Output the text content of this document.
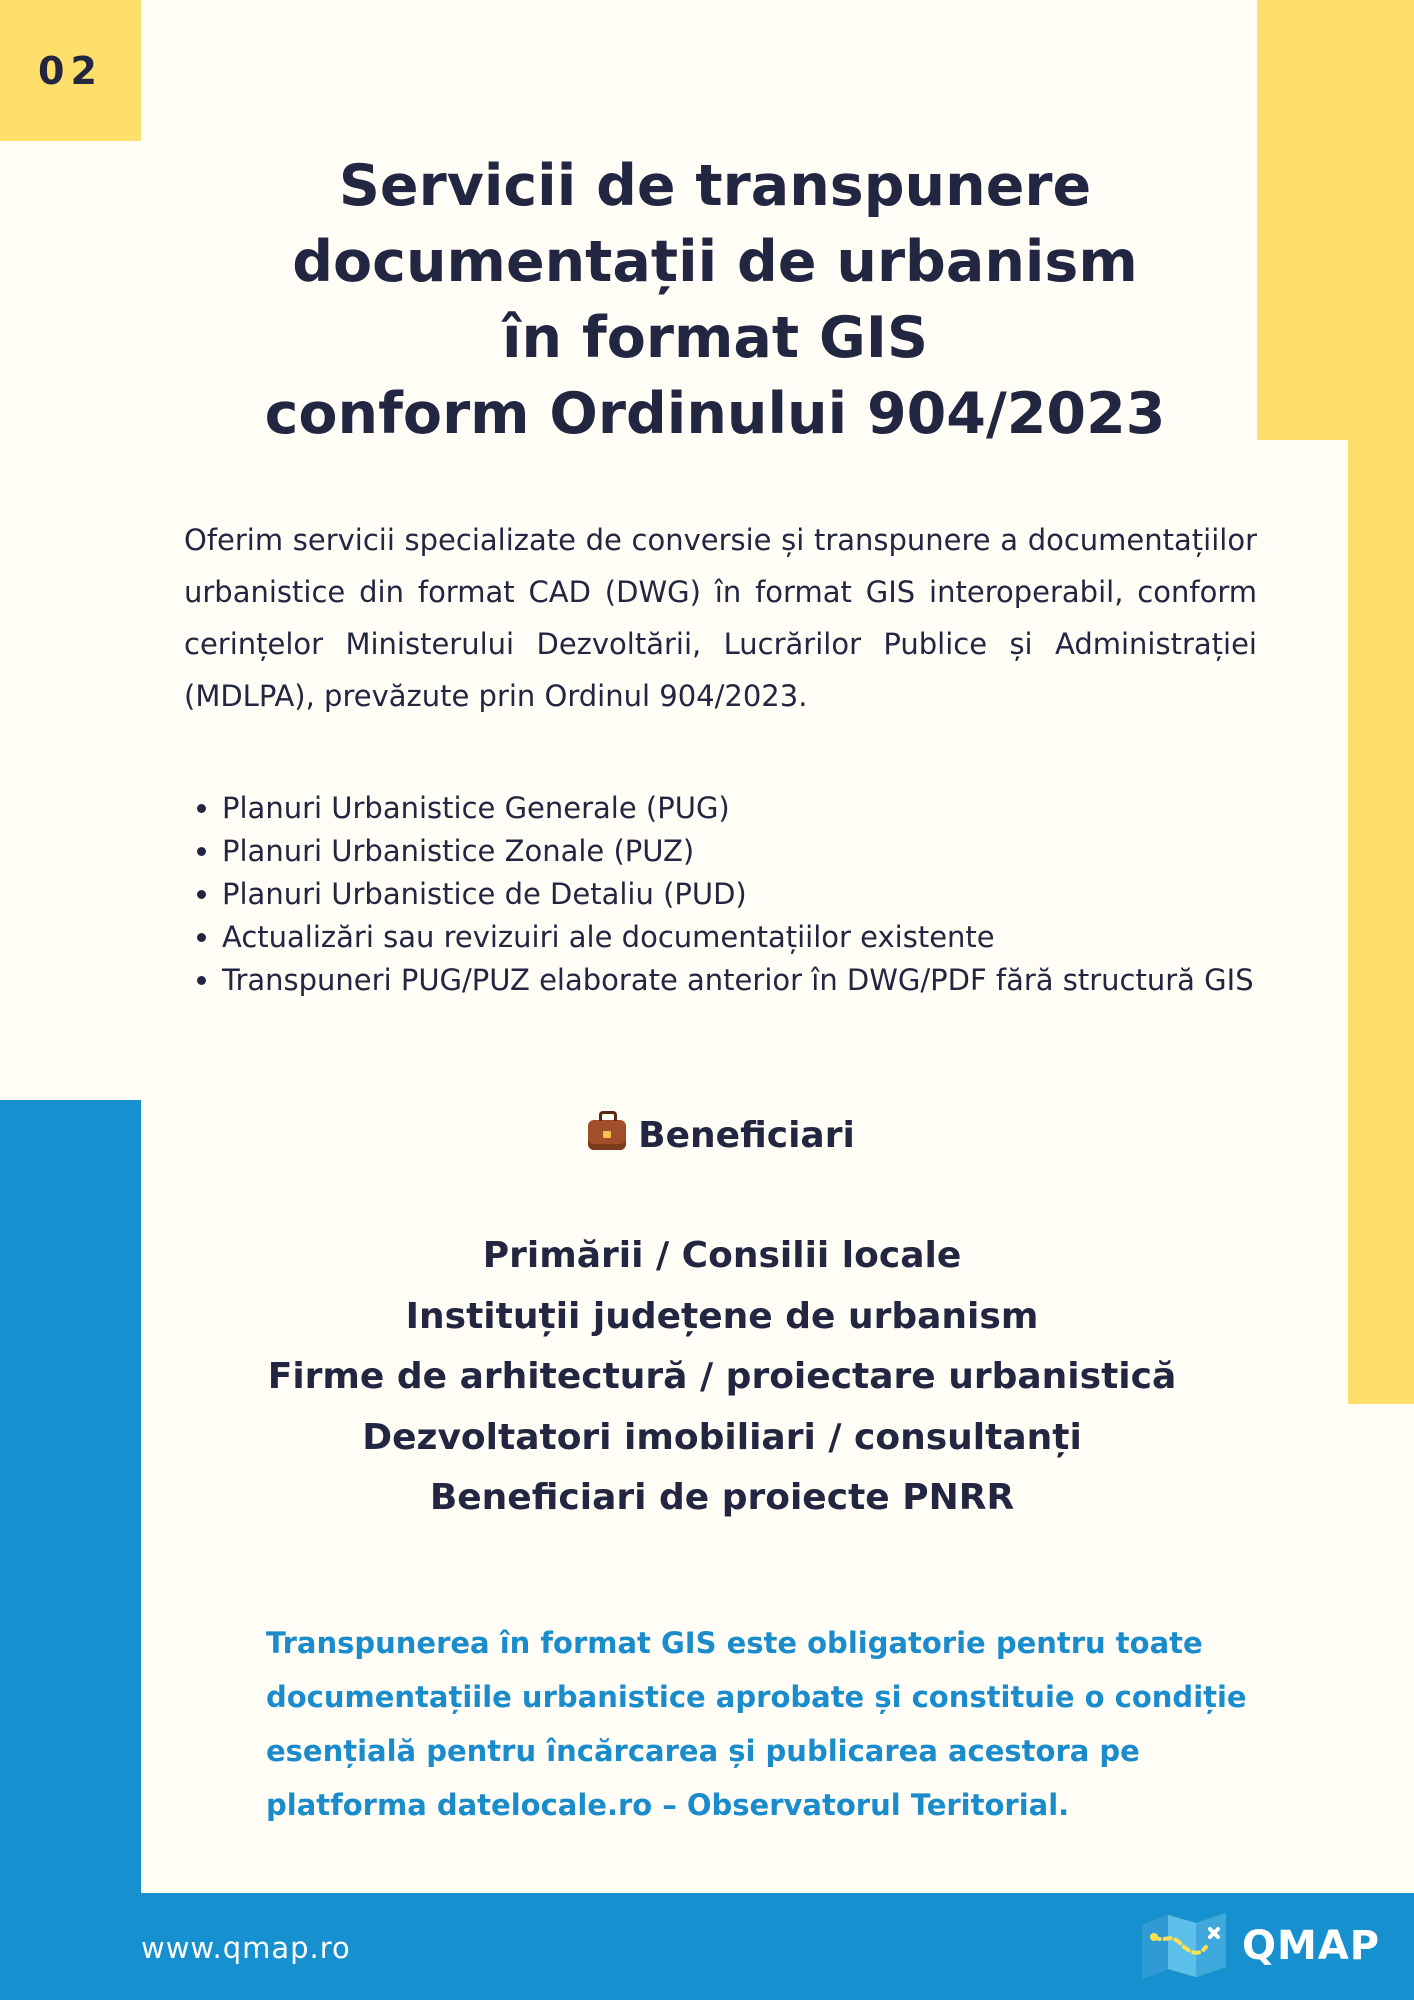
02
Servicii de transpunere
documentații de urbanism
în format GIS
conform Ordinului 904/2023

Oferim servicii specializate de conversie și transpunere a documentațiilor urbanistice din format CAD (DWG) în format GIS interoperabil, conform cerințelor Ministerului Dezvoltării, Lucrărilor Publice și Administrației (MDLPA), prevăzute prin Ordinul 904/2023.

• Planuri Urbanistice Generale (PUG)
• Planuri Urbanistice Zonale (PUZ)
• Planuri Urbanistice de Detaliu (PUD)
• Actualizări sau revizuiri ale documentațiilor existente
• Transpuneri PUG/PUZ elaborate anterior în DWG/PDF fără structură GIS
Beneficiari
Primării / Consilii locale
Instituții județene de urbanism
Firme de arhitectură / proiectare urbanistică
Dezvoltatori imobiliari / consultanți
Beneficiari de proiecte PNRR

Transpunerea în format GIS este obligatorie pentru toate documentațiile urbanistice aprobate și constituie o condiție esențială pentru încărcarea și publicarea acestora pe platforma datelocale.ro – Observatorul Teritorial.

www.qmap.ro	QMAP
